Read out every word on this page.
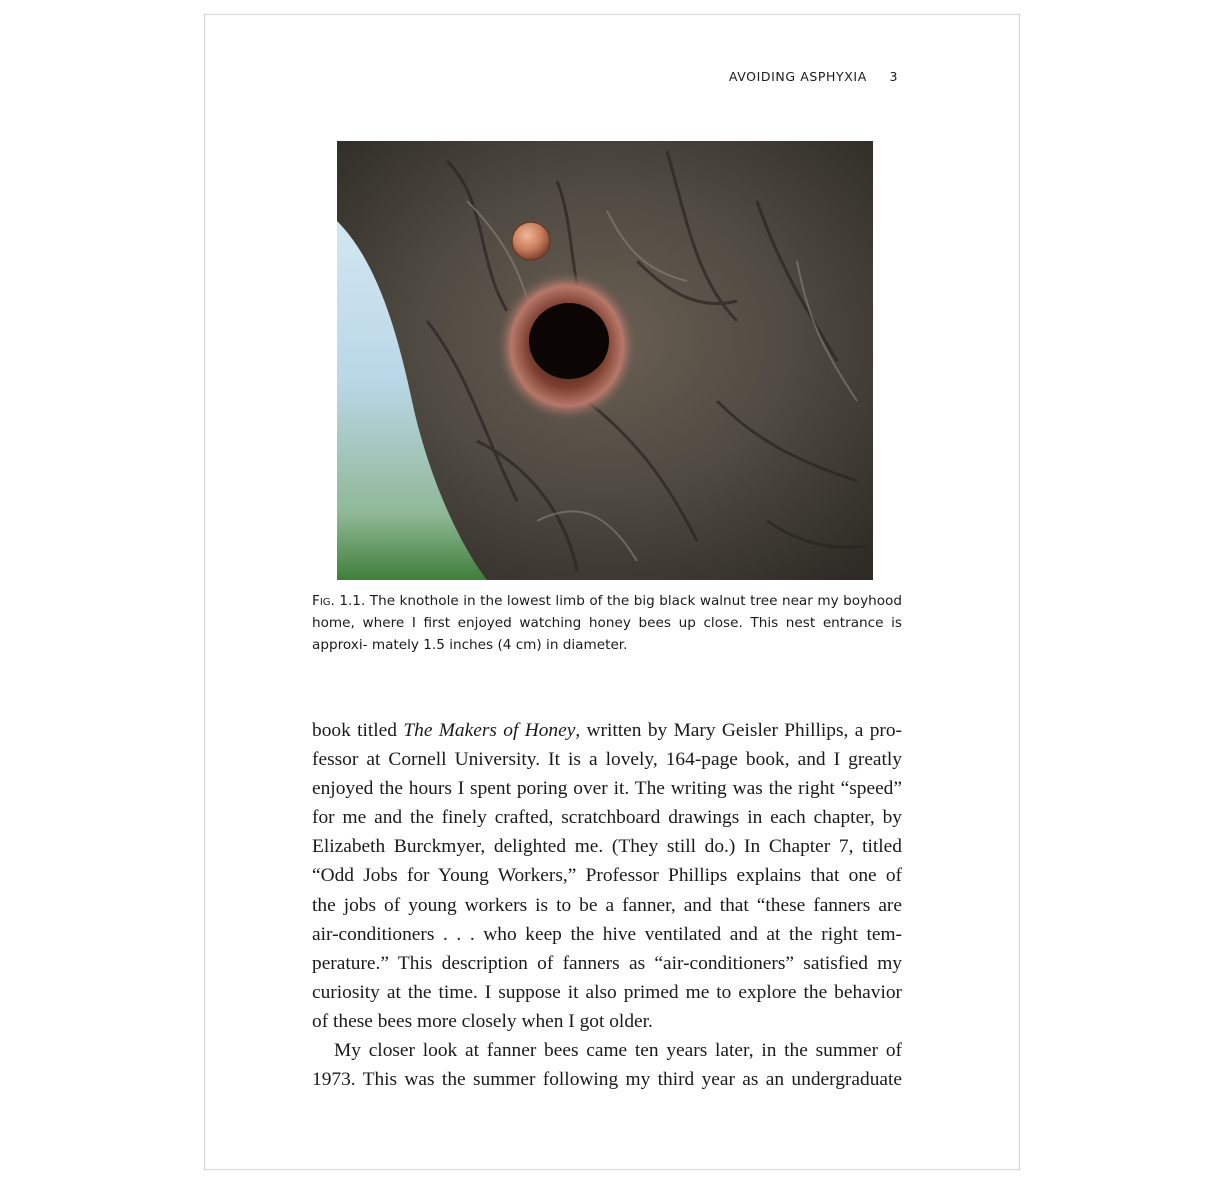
AVOIDING ASPHYXIA 3
Fig. 1.1. The knothole in the lowest limb of the big black walnut tree near my boyhood home, where I first enjoyed watching honey bees up close. This nest entrance is approxi- mately 1.5 inches (4 cm) in diameter.
book titled The Makers of Honey, written by Mary Geisler Phillips, a pro-
fessor at Cornell University. It is a lovely, 164-page book, and I greatly
enjoyed the hours I spent poring over it. The writing was the right “speed”
for me and the finely crafted, scratchboard drawings in each chapter, by
Elizabeth Burckmyer, delighted me. (They still do.) In Chapter 7, titled
“Odd Jobs for Young Workers,” Professor Phillips explains that one of
the jobs of young workers is to be a fanner, and that “these fanners are
air-conditioners . . . who keep the hive ventilated and at the right tem-
perature.” This description of fanners as “air-conditioners” satisfied my
curiosity at the time. I suppose it also primed me to explore the behavior
of these bees more closely when I got older.
My closer look at fanner bees came ten years later, in the summer of
1973. This was the summer following my third year as an undergraduate
